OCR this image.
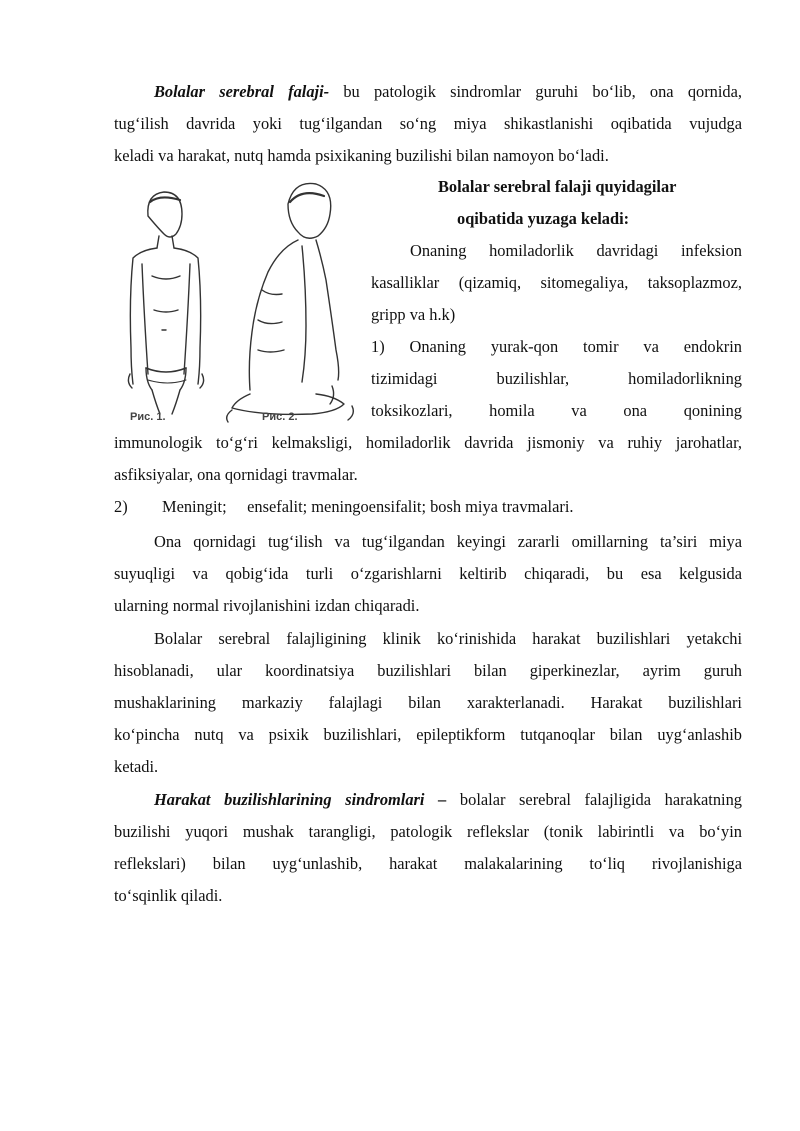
Bolalar serebral falaji- bu patologik sindromlar guruhi bo‘lib, ona qornida,
tug‘ilish davrida yoki tug‘ilgandan so‘ng miya shikastlanishi oqibatida vujudga
keladi va harakat, nutq hamda psixikaning buzilishi bilan namoyon bo‘ladi.
Bolalar serebral falaji quyidagilar
oqibatida yuzaga keladi:
Рис. 1.	Рис. 2.
Onaning homiladorlik davridagi infeksion
kasalliklar (qizamiq, sitomegaliya, taksoplazmoz,
gripp va h.k)
1) Onaning yurak-qon tomir va endokrin
tizimidagi buzilishlar, homiladorlikning
toksikozlari, homila va ona qonining
immunologik to‘g‘ri kelmaksligi, homiladorlik davrida jismoniy va ruhiy jarohatlar,
asfiksiyalar, ona qornidagi travmalar.
2) Meningit;     ensefalit; meningoensifalit; bosh miya travmalari.
Ona qornidagi tug‘ilish va tug‘ilgandan keyingi zararli omillarning ta’siri miya
suyuqligi va qobig‘ida turli o‘zgarishlarni keltirib chiqaradi, bu esa kelgusida
ularning normal rivojlanishini izdan chiqaradi.
Bolalar serebral falajligining klinik ko‘rinishida harakat buzilishlari yetakchi
hisoblanadi, ular koordinatsiya buzilishlari bilan giperkinezlar, ayrim guruh
mushaklarining markaziy falajlagi bilan xarakterlanadi. Harakat buzilishlari
ko‘pincha nutq va psixik buzilishlari, epileptikform tutqanoqlar bilan uyg‘anlashib
ketadi.
Harakat buzilishlarining sindromlari – bolalar serebral falajligida harakatning
buzilishi yuqori mushak tarangligi, patologik reflekslar (tonik labirintli va bo‘yin
reflekslari) bilan uyg‘unlashib, harakat malakalarining to‘liq rivojlanishiga
to‘sqinlik qiladi.
